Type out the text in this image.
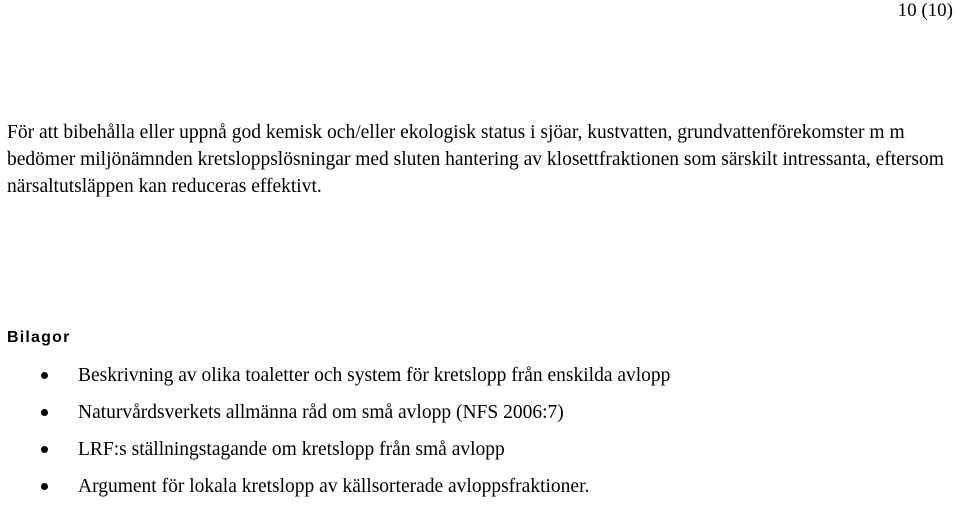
10 (10)

För att bibehålla eller uppnå god kemisk och/eller ekologisk status i sjöar, kustvatten, grundvattenförekomster m m bedömer miljönämnden kretsloppslösningar med sluten hantering av klosettfraktionen som särskilt intressanta, eftersom närsaltutsläppen kan reduceras effektivt.

Bilagor
Beskrivning av olika toaletter och system för kretslopp från enskilda avlopp
Naturvårdsverkets allmänna råd om små avlopp (NFS 2006:7)
LRF:s ställningstagande om kretslopp från små avlopp
Argument för lokala kretslopp av källsorterade avloppsfraktioner.
